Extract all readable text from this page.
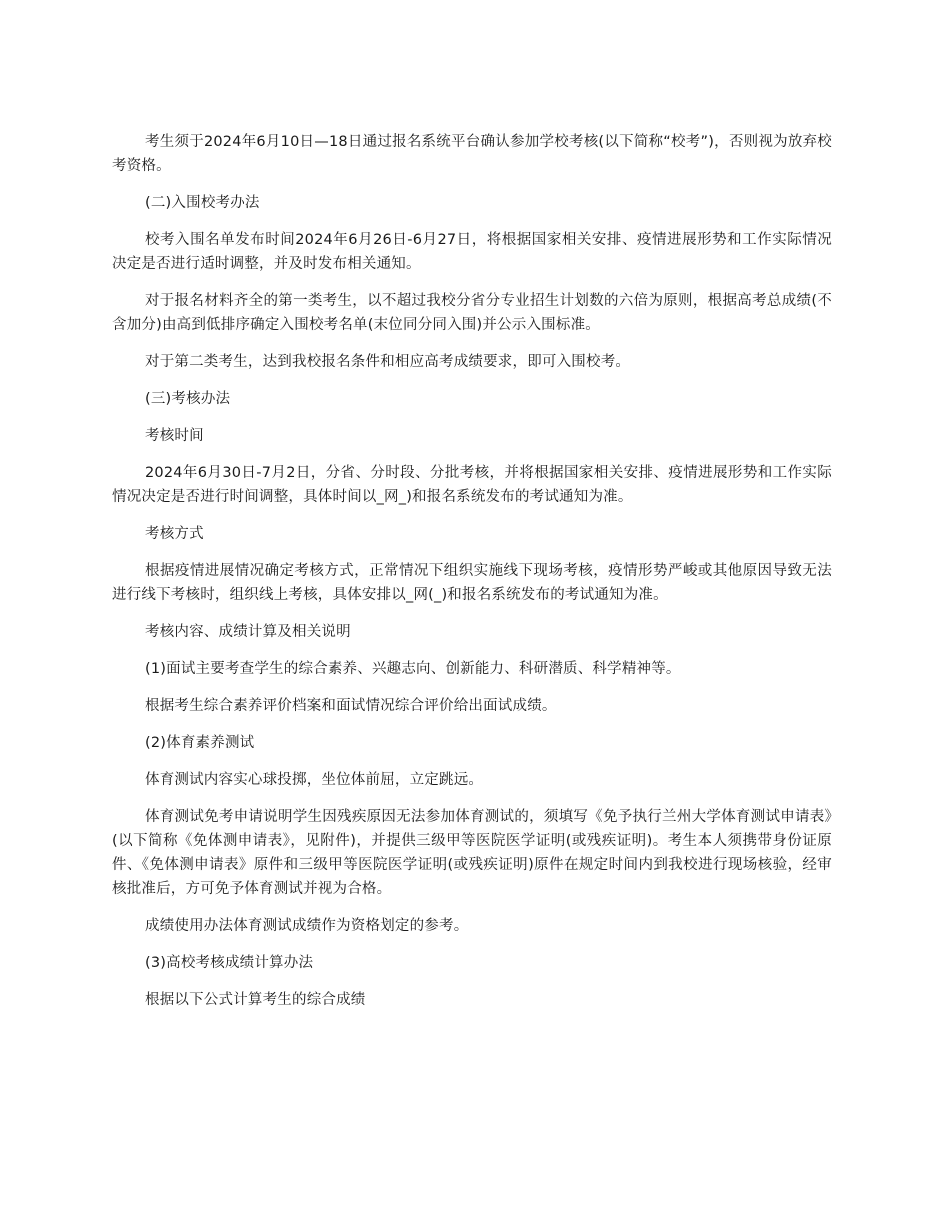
考生须于2024年6月10日—18日通过报名系统平台确认参加学校考核(以下简称“校考”)，否则视为放弃校考资格。

(二)入围校考办法

校考入围名单发布时间2024年6月26日-6月27日，将根据国家相关安排、疫情进展形势和工作实际情况决定是否进行适时调整，并及时发布相关通知。

对于报名材料齐全的第一类考生，以不超过我校分省分专业招生计划数的六倍为原则，根据高考总成绩(不含加分)由高到低排序确定入围校考名单(末位同分同入围)并公示入围标准。

对于第二类考生，达到我校报名条件和相应高考成绩要求，即可入围校考。

(三)考核办法

考核时间

2024年6月30日-7月2日，分省、分时段、分批考核，并将根据国家相关安排、疫情进展形势和工作实际情况决定是否进行时间调整，具体时间以_网_)和报名系统发布的考试通知为准。

考核方式

根据疫情进展情况确定考核方式，正常情况下组织实施线下现场考核，疫情形势严峻或其他原因导致无法进行线下考核时，组织线上考核，具体安排以_网(_)和报名系统发布的考试通知为准。

考核内容、成绩计算及相关说明

(1)面试主要考查学生的综合素养、兴趣志向、创新能力、科研潜质、科学精神等。

根据考生综合素养评价档案和面试情况综合评价给出面试成绩。

(2)体育素养测试

体育测试内容实心球投掷，坐位体前屈，立定跳远。

体育测试免考申请说明学生因残疾原因无法参加体育测试的，须填写《免予执行兰州大学体育测试申请表》(以下简称《免体测申请表》，见附件)，并提供三级甲等医院医学证明(或残疾证明)。考生本人须携带身份证原件、《免体测申请表》原件和三级甲等医院医学证明(或残疾证明)原件在规定时间内到我校进行现场核验，经审核批准后，方可免予体育测试并视为合格。

成绩使用办法体育测试成绩作为资格划定的参考。

(3)高校考核成绩计算办法

根据以下公式计算考生的综合成绩
